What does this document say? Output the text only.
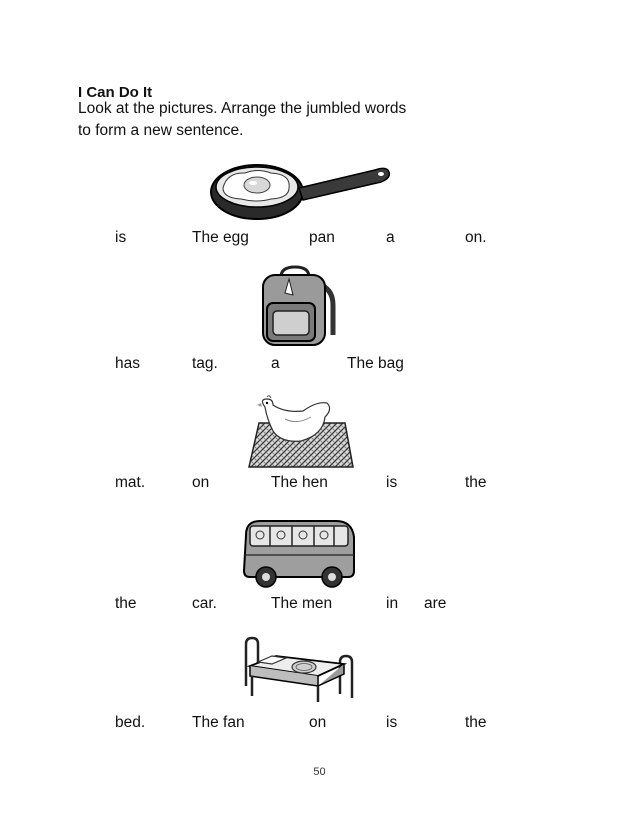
I Can Do It
Look at the pictures. Arrange the jumbled words
to form a new sentence.
is	The egg	pan	a	on.
has	tag.	a	The bag
mat.	on	The hen	is	the
the	car.	The men	in are
bed.	The fan	on	is	the
50
